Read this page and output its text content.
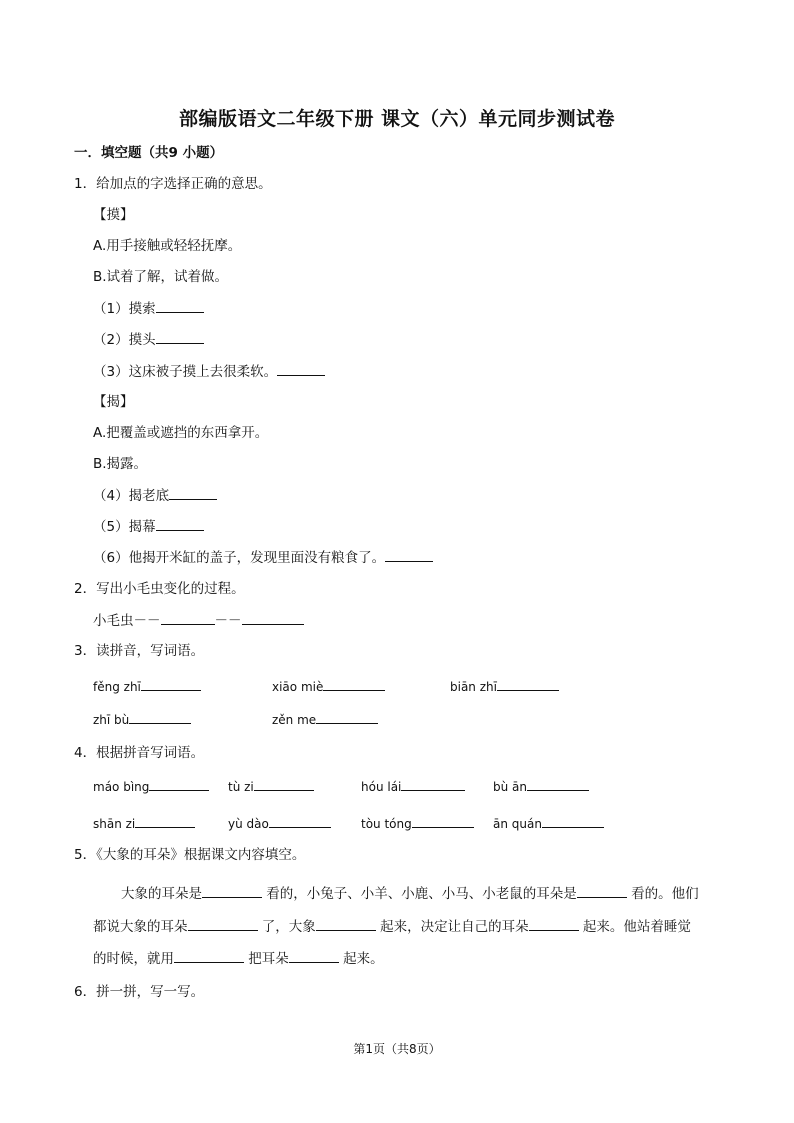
部编版语文二年级下册 课文（六）单元同步测试卷
一．填空题（共9 小题）
1．给加点的字选择正确的意思。
【摸】
A.用手接触或轻轻抚摩。
B.试着了解，试着做。
（1）摸索
（2）摸头
（3）这床被子摸上去很柔软。
【揭】
A.把覆盖或遮挡的东西拿开。
B.揭露。
（4）揭老底
（5）揭幕
（6）他揭开米缸的盖子，发现里面没有粮食了。
2．写出小毛虫变化的过程。
小毛虫－－	－－
3．读拼音，写词语。
fěng zhī	xiāo miè	biān zhī
zhī bù	zěn me
4．根据拼音写词语。
máo bìng	tù zi	hóu lái	bù ān
shān zi	yù dào	tòu tóng	ān quán
5．《大象的耳朵》根据课文内容填空。
大象的耳朵是	看的，小兔子、小羊、小鹿、小马、小老鼠的耳朵是	看的。他们
都说大象的耳朵	了，大象	起来，决定让自己的耳朵	起来。他站着睡觉
的时候，就用	把耳朵	起来。
6．拼一拼，写一写。
第1页（共8页）
